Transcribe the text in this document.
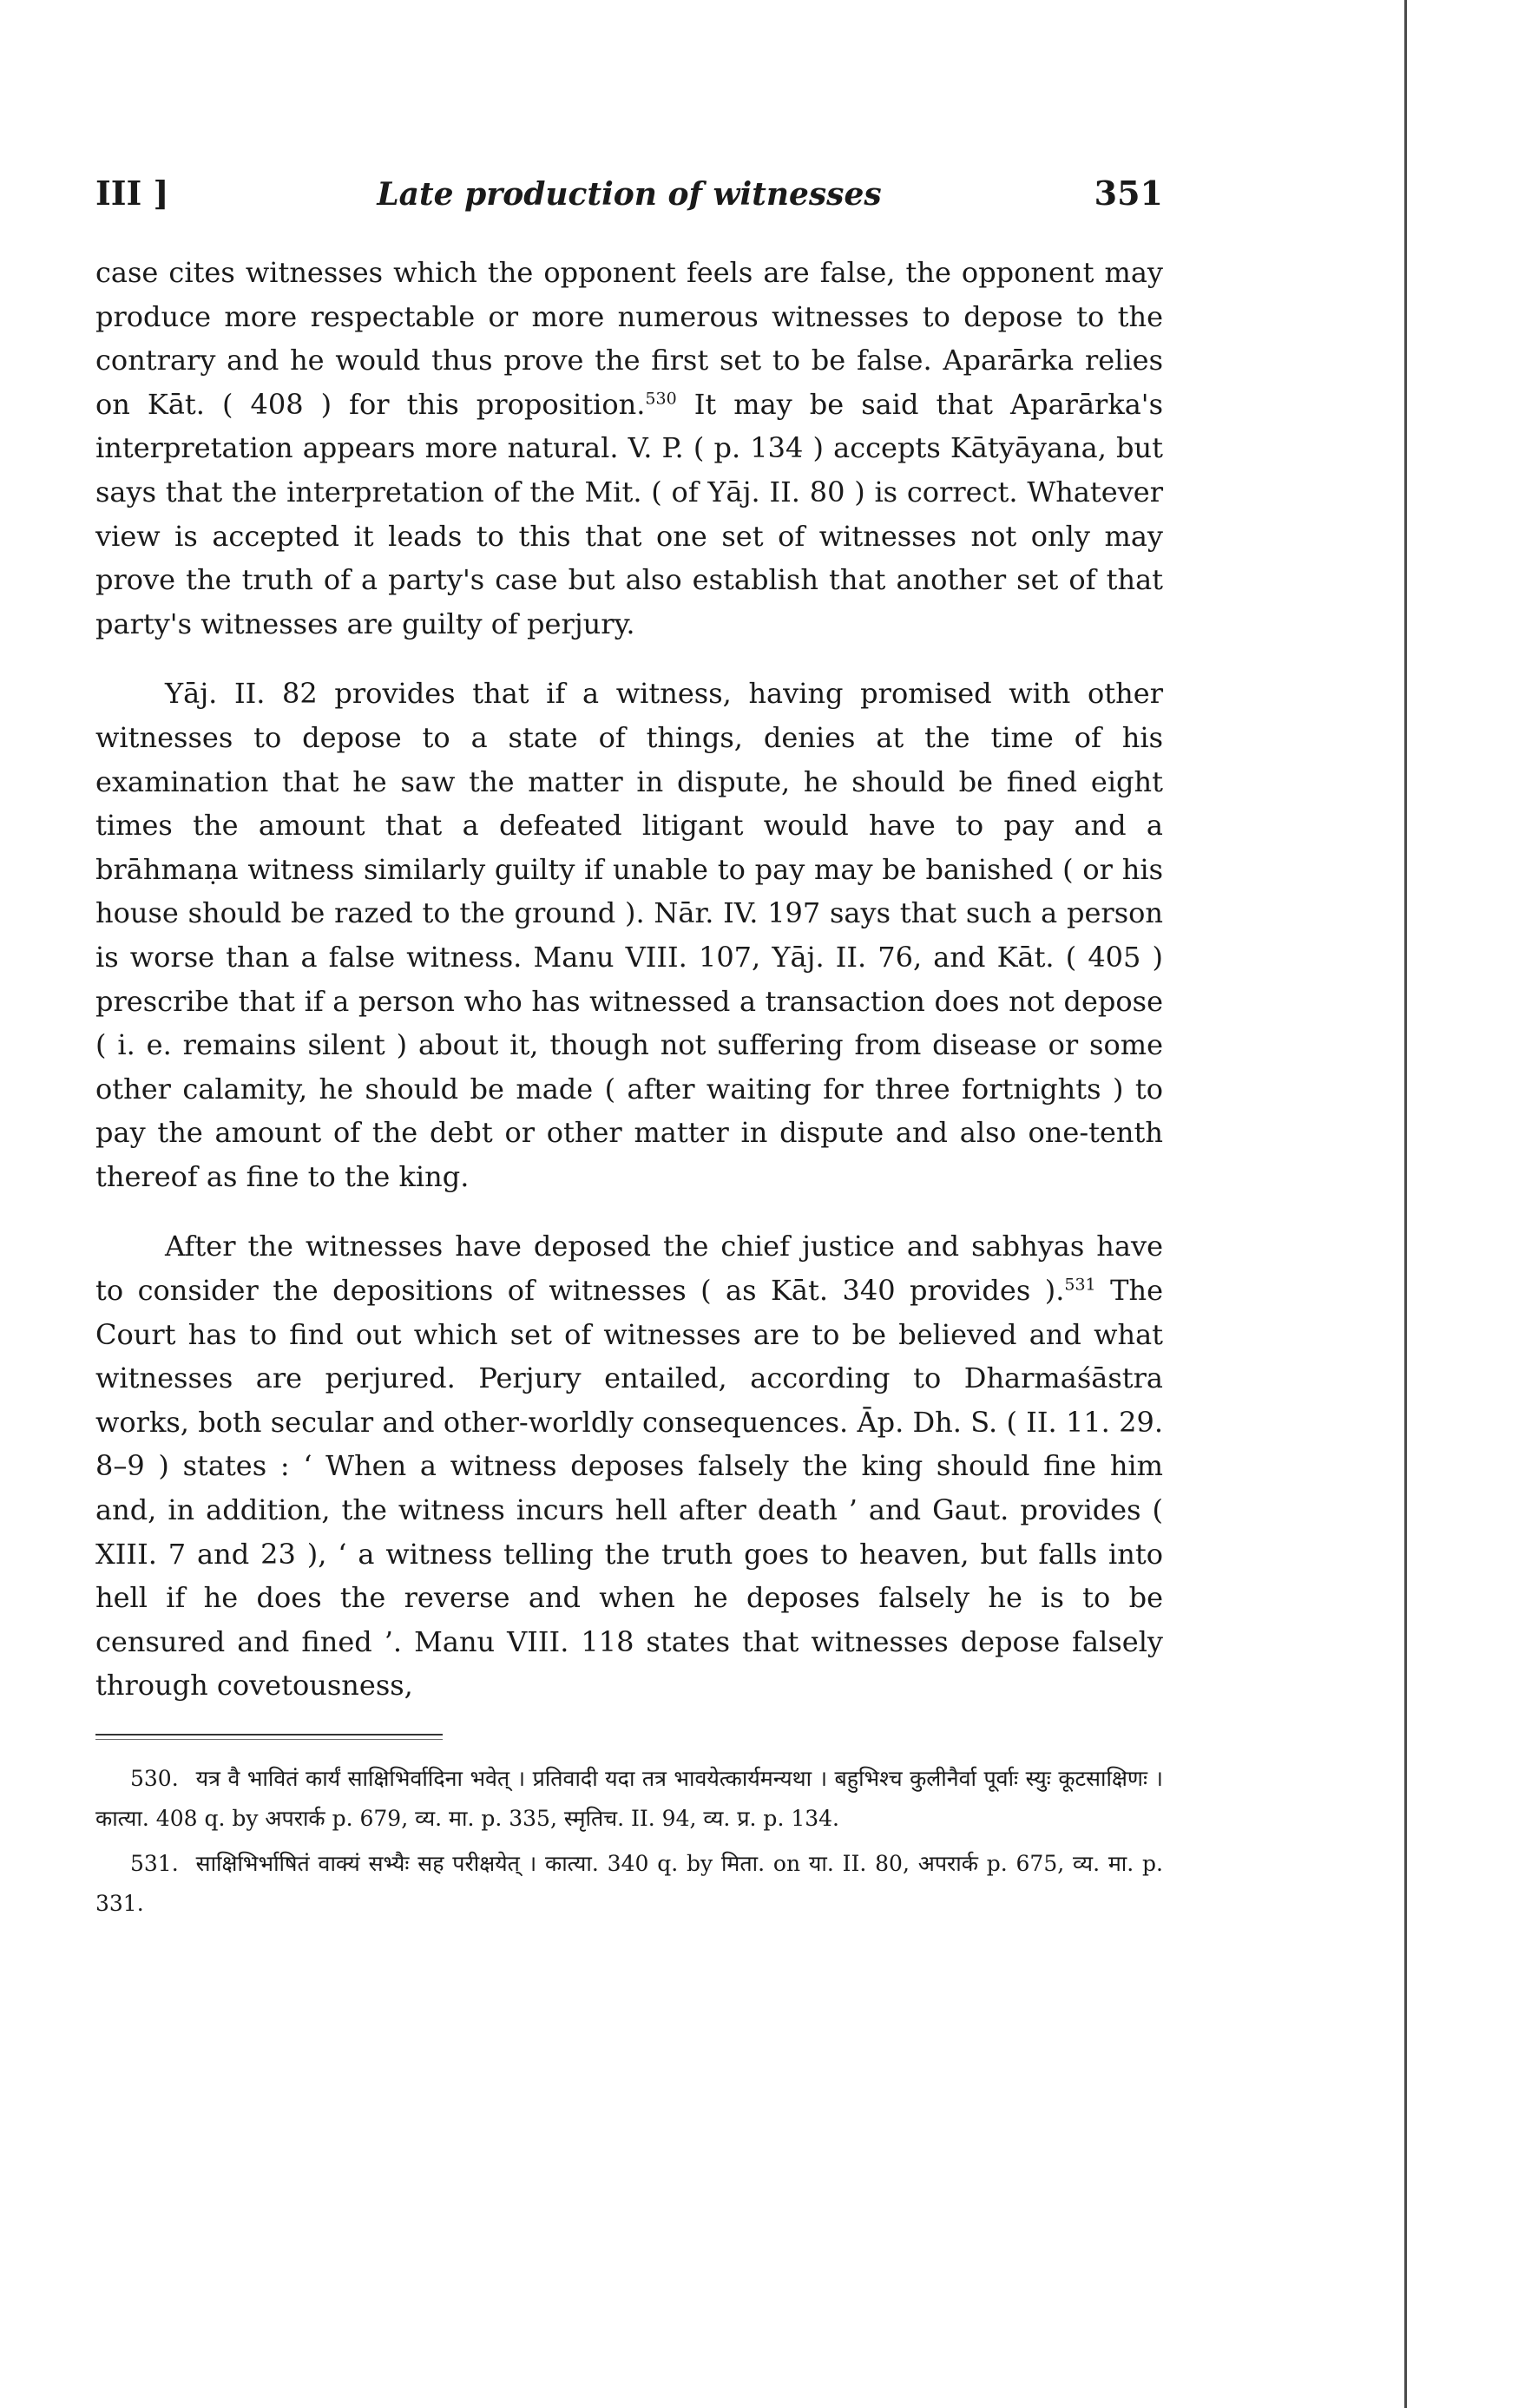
III ]	Late production of witnesses	351

case cites witnesses which the opponent feels are false, the opponent may produce more respectable or more numerous witnesses to depose to the contrary and he would thus prove the first set to be false. Aparārka relies on Kāt. ( 408 ) for this proposition.$^{530}$ It may be said that Aparārka's interpretation appears more natural. V. P. ( p. 134 ) accepts Kātyāyana, but says that the interpretation of the Mit. ( of Yāj. II. 80 ) is correct. Whatever view is accepted it leads to this that one set of witnesses not only may prove the truth of a party's case but also establish that another set of that party's witnesses are guilty of perjury.

Yāj. II. 82 provides that if a witness, having promised with other witnesses to depose to a state of things, denies at the time of his examination that he saw the matter in dispute, he should be fined eight times the amount that a defeated litigant would have to pay and a brāhmaṇa witness similarly guilty if unable to pay may be banished ( or his house should be razed to the ground ). Nār. IV. 197 says that such a person is worse than a false witness. Manu VIII. 107, Yāj. II. 76, and Kāt. ( 405 ) prescribe that if a person who has witnessed a transaction does not depose ( i. e. remains silent ) about it, though not suffering from disease or some other calamity, he should be made ( after waiting for three fortnights ) to pay the amount of the debt or other matter in dispute and also one-tenth thereof as fine to the king.

After the witnesses have deposed the chief justice and sabhyas have to consider the depositions of witnesses ( as Kāt. 340 provides ).$^{531}$ The Court has to find out which set of witnesses are to be believed and what witnesses are perjured. Perjury entailed, according to Dharmaśāstra works, both secular and other-worldly consequences. Āp. Dh. S. ( II. 11. 29. 8–9 ) states : ‘ When a witness deposes falsely the king should fine him and, in addition, the witness incurs hell after death ’ and Gaut. provides ( XIII. 7 and 23 ), ‘ a witness telling the truth goes to heaven, but falls into hell if he does the reverse and when he deposes falsely he is to be censured and fined ’. Manu VIII. 118 states that witnesses depose falsely through covetousness,

530. यत्र वै भावितं कार्यं साक्षिभिर्वादिना भवेत् । प्रतिवादी यदा तत्र भावयेत्कार्यमन्यथा । बहुभिश्च कुलीनैर्वा पूर्वाः स्युः कूटसाक्षिणः । कात्या. 408 q. by अपरार्क p. 679, व्य. मा. p. 335, स्मृतिच. II. 94, व्य. प्र. p. 134.

531. साक्षिभिर्भाषितं वाक्यं सभ्यैः सह परीक्षयेत् । कात्या. 340 q. by मिता. on या. II. 80, अपरार्क p. 675, व्य. मा. p. 331.
